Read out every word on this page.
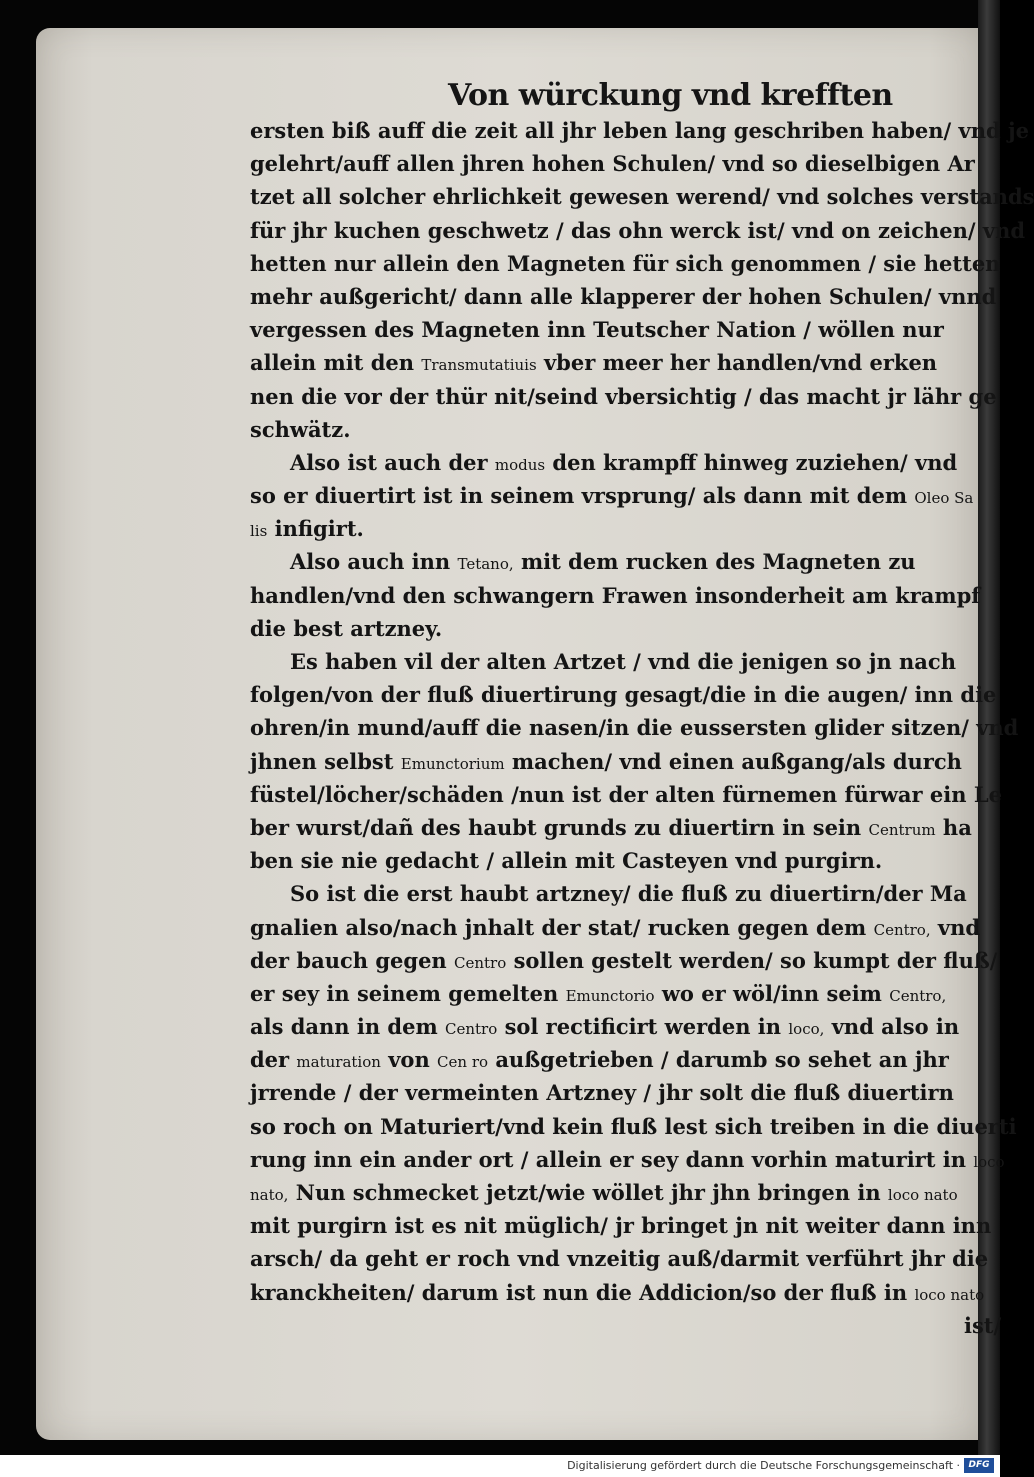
Von würckung vnd krefften
ersten biß auff die zeit all jhr leben lang geschriben haben/ vnd je
gelehrt/auff allen jhren hohen Schulen/ vnd so dieselbigen Ar
tzet all solcher ehrlichkeit gewesen werend/ vnd solches verstands
für jhr kuchen geschwetz / das ohn werck ist/ vnd on zeichen/ vnd
hetten nur allein den Magneten für sich genommen / sie hetten
mehr außgericht/ dann alle klapperer der hohen Schulen/ vnnd
vergessen des Magneten inn Teutscher Nation / wöllen nur
allein mit den Transmutatiuis vber meer her handlen/vnd erken
nen die vor der thür nit/seind vbersichtig / das macht jr lähr ge
schwätz.
Also ist auch der modus den krampff hinweg zuziehen/ vnd
so er diuertirt ist in seinem vrsprung/ als dann mit dem Oleo Sa
lis infigirt.
Also auch inn Tetano, mit dem rucken des Magneten zu
handlen/vnd den schwangern Frawen insonderheit am krampf
die best artzney.
Es haben vil der alten Artzet / vnd die jenigen so jn nach
folgen/von der fluß diuertirung gesagt/die in die augen/ inn die
ohren/in mund/auff die nasen/in die eussersten glider sitzen/ vnd
jhnen selbst Emunctorium machen/ vnd einen außgang/als durch
füstel/löcher/schäden /nun ist der alten fürnemen fürwar ein Le
ber wurst/dañ des haubt grunds zu diuertirn in sein Centrum ha
ben sie nie gedacht / allein mit Casteyen vnd purgirn.
So ist die erst haubt artzney/ die fluß zu diuertirn/der Ma
gnalien also/nach jnhalt der stat/ rucken gegen dem Centro, vnd
der bauch gegen Centro sollen gestelt werden/ so kumpt der fluß/
er sey in seinem gemelten Emunctorio wo er wöl/inn seim Centro,
als dann in dem Centro sol rectificirt werden in loco, vnd also in
der maturation von Cen ro außgetrieben / darumb so sehet an jhr
jrrende / der vermeinten Artzney / jhr solt die fluß diuertirn
so roch on Maturiert/vnd kein fluß lest sich treiben in die diuerti
rung inn ein ander ort / allein er sey dann vorhin maturirt in loco
nato, Nun schmecket jetzt/wie wöllet jhr jhn bringen in loco nato
mit purgirn ist es nit müglich/ jr bringet jn nit weiter dann inn
arsch/ da geht er roch vnd vnzeitig auß/darmit verführt jhr die
kranckheiten/ darum ist nun die Addicion/so der fluß in loco nato
ist/
Digitalisierung gefördert durch die Deutsche Forschungsgemeinschaft · DFG
